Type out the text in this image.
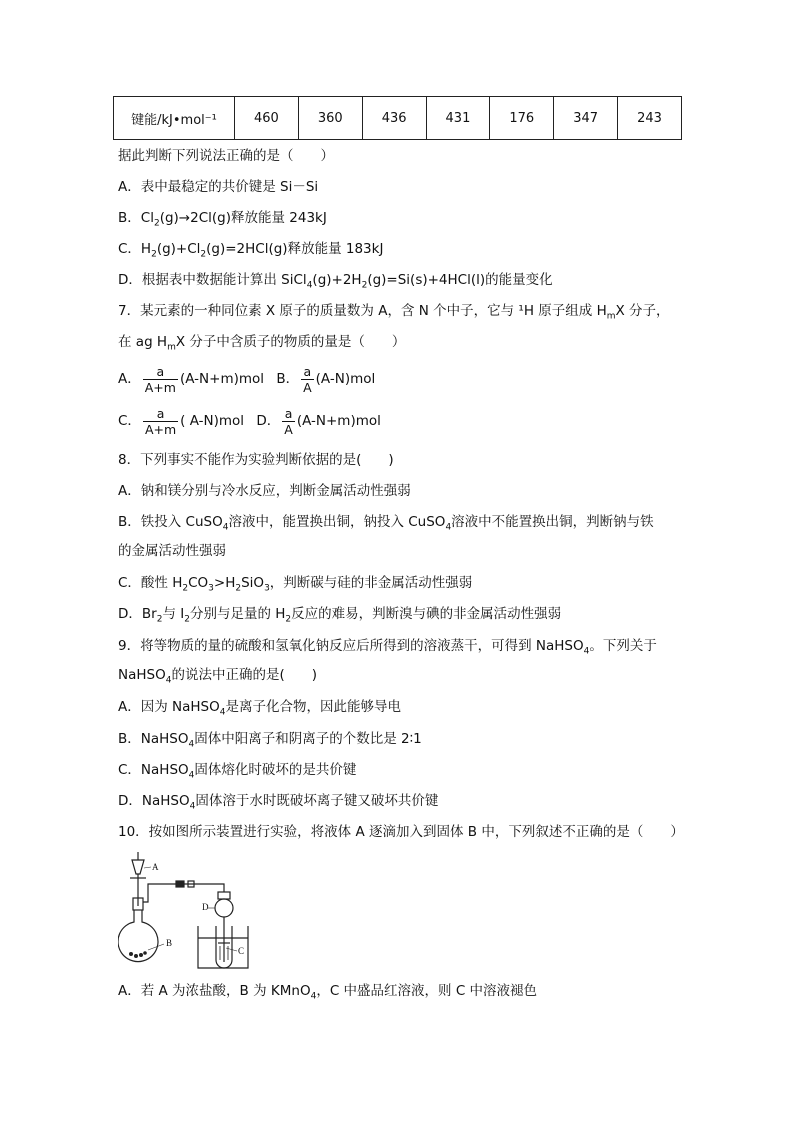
键能/kJ•mol⁻¹	460	360	436	431	176	347	243
据此判断下列说法正确的是（　　）
A．表中最稳定的共价键是 Si－Si
B．$Cl_2(g)\to 2Cl(g)$释放能量 243kJ
C．$H_2(g)+Cl_2(g)=2HCl(g)$释放能量 183kJ
D．根据表中数据能计算出 $SiCl_4(g)+2H_2(g)=Si(s)+4HCl(l)$的能量变化
7．某元素的一种同位素 X 原子的质量数为 A，含 N 个中子，它与 ¹H 原子组成 $H_mX$ 分子，
在 ag $H_mX$ 分子中含质子的物质的量是（　　）
A． $\frac{a}{A+m} (A-N+m)mol$ B． $\frac{a}{A} (A-N)mol$
C． $\frac{a}{A+m}$ ( A-N)mol D． $\frac{a}{A} (A-N+m)mol$
8．下列事实不能作为实验判断依据的是(　　)
A．钠和镁分别与冷水反应，判断金属活动性强弱
B．铁投入 CuSO$_4$溶液中，能置换出铜，钠投入 CuSO$_4$溶液中不能置换出铜，判断钠与铁
的金属活动性强弱
C．酸性 $H_2CO_3>H_2SiO_3$，判断碳与硅的非金属活动性强弱
D．$Br_2$与 $I_2$分别与足量的 $H_2$反应的难易，判断溴与碘的非金属活动性强弱
9．将等物质的量的硫酸和氢氧化钠反应后所得到的溶液蒸干，可得到 NaHSO$_4$。下列关于
NaHSO$_4$的说法中正确的是(　　)
A．因为 NaHSO$_4$是离子化合物，因此能够导电
B．NaHSO$_4$固体中阳离子和阴离子的个数比是 2∶1
C．NaHSO$_4$固体熔化时破坏的是共价键
D．NaHSO$_4$固体溶于水时既破坏离子键又破坏共价键
10．按如图所示装置进行实验，将液体 A 逐滴加入到固体 B 中，下列叙述不正确的是（　　）
A
B
C
D
A．若 A 为浓盐酸，B 为 KMnO$_4$，C 中盛品红溶液，则 C 中溶液褪色
